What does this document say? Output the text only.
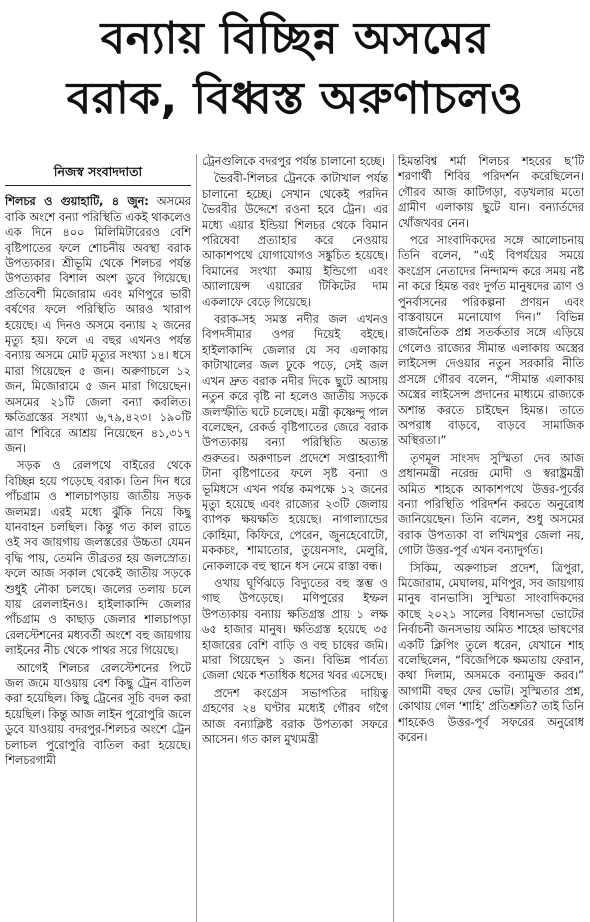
বন্যায় বিচ্ছিন্ন অসমের
বরাক, বিধ্বস্ত অরুণাচলও
নিজস্ব সংবাদদাতা

শিলচর ও গুয়াহাটি, ৪ জুন: অসমের বাকি অংশে বন্যা পরিস্থিতি একই থাকলেও এক দিনে ৪০০ মিলিমিটারেরও বেশি বৃষ্টিপাতের ফলে শোচনীয় অবস্থা বরাক উপত্যকার। শ্রীভূমি থেকে শিলচর পর্যন্ত উপত্যকার বিশাল অংশ ডুবে গিয়েছে। প্রতিবেশী মিজোরাম এবং মণিপুরে ভারী বর্ষণের ফলে পরিস্থিতি আরও খারাপ হয়েছে। এ দিনও অসমে বন্যায় ২ জনের মৃত্যু হয়। ফলে এ বছর এখনও পর্যন্ত বন্যায় অসমে মোট মৃত্যুর সংখ্যা ১৪। ধসে মারা গিয়েছেন ৫ জন। অরুণাচলে ১২ জন, মিজোরামে ৫ জন মারা গিয়েছেন। অসমের ২১টি জেলা বন্যা কবলিত। ক্ষতিগ্রস্তের সংখ্যা ৬,৭৯,৪২৩। ১৯০টি ত্রাণ শিবিরে আশ্রয় নিয়েছেন ৪১,৩১৭ জন।

সড়ক ও রেলপথে বাইরের থেকে বিচ্ছিন্ন হয়ে পড়েছে বরাক। তিন দিন ধরে পাঁচগ্রাম ও শালচাপড়ায় জাতীয় সড়ক জলমগ্ন। এরই মধ্যে ঝুঁকি নিয়ে কিছু যানবাহন চলছিল। কিন্তু গত কাল রাতে ওই সব জায়গায় জলস্তরের উচ্চতা যেমন বৃদ্ধি পায়, তেমনি তীব্রতর হয় জলস্রোত। ফলে আজ সকাল থেকেই জাতীয় সড়কে শুধুই নৌকা চলছে। জলের তলায় চলে যায় রেললাইনও। হাইলাকান্দি জেলার পাঁচগ্রাম ও কাছাড় জেলার শালচাপড়া রেলস্টেশনের মধ্যবর্তী অংশে বহু জায়গায় লাইনের নীচ থেকে পাথর সরে গিয়েছে।

আগেই শিলচর রেলস্টেশনের পিটে জল জমে যাওয়ায় বেশ কিছু ট্রেন বাতিল করা হয়েছিল। কিছু ট্রেনের সূচি বদল করা হয়েছিল। কিন্তু আজ লাইন পুরোপুরি জলে ডুবে যাওয়ায় বদরপুর-শিলচর অংশে ট্রেন চলাচল পুরোপুরি বাতিল করা হয়েছে। শিলচরগামী

ট্রেনগুলিকে বদরপুর পর্যন্ত চালানো হচ্ছে।

ভৈরবী-শিলচর ট্রেনকে কাটাখাল পর্যন্ত চালানো হচ্ছে। সেখান থেকেই পরদিন ভৈরবীর উদ্দেশে রওনা হবে ট্রেন। এর মধ্যে এয়ার ইন্ডিয়া শিলচর থেকে বিমান পরিষেবা প্রত্যাহার করে নেওয়ায় আকাশপথে যোগাযোগও সঙ্কুচিত হয়েছে। বিমানের সংখ্যা কমায় ইন্ডিগো এবং অ্যালায়েন্স এয়ারের টিকিটের দাম একলাফে বেড়ে গিয়েছে।

বরাক-সহ সমস্ত নদীর জল এখনও বিপদসীমার ওপর দিয়েই বইছে। হাইলাকান্দি জেলার যে সব এলাকায় কাটাখালের জল ঢুকে পড়ে, সেই জল এখন দ্রুত বরাক নদীর দিকে ছুটে আসায় নতুন করে বৃষ্টি না হলেও জাতীয় সড়কে জলস্ফীতি ঘটে চলেছে। মন্ত্রী কৃষ্ণেন্দু পাল বলেছেন, রেকর্ড বৃষ্টিপাতের জেরে বরাক উপত্যকায় বন্যা পরিস্থিতি অত্যন্ত গুরুতর। অরুণাচল প্রদেশে সপ্তাহব্যাপী টানা বৃষ্টিপাতের ফলে সৃষ্ট বন্যা ও ভূমিধসে এখন পর্যন্ত কমপক্ষে ১২ জনের মৃত্যু হয়েছে এবং রাজ্যের ২৩টি জেলায় ব্যাপক ক্ষয়ক্ষতি হয়েছে। নাগাল্যান্ডের কোহিমা, কিফিরে, পেরেন, জুনহেবোটো, মককচং, শামাতোর, তুয়েনসাং, মেলুরি, নোকলাকে বহু স্থানে ধস নেমে রাস্তা বন্ধ।

ওখায় ঘূর্ণিঝড়ে বিদ্যুতের বহু স্তম্ভ ও গাছ উপড়েছে। মণিপুরের ইম্ফল উপত্যকায় বন্যায় ক্ষতিগ্রস্ত প্রায় ১ লক্ষ ৬৫ হাজার মানুষ। ক্ষতিগ্রস্ত হয়েছে ৩৫ হাজারের বেশি বাড়ি ও বহু চাষের জমি। মারা গিয়েছেন ১ জন। বিভিন্ন পার্বত্য জেলা থেকে শতাধিক ধসের খবর এসেছে।

প্রদেশ কংগ্রেস সভাপতির দায়িত্ব গ্রহণের ২৪ ঘণ্টার মধ্যেই গৌরব গগৈ আজ বন্যাক্লিষ্ট বরাক উপত্যকা সফরে আসেন। গত কাল মুখ্যমন্ত্রী

হিমন্তবিশ্ব শর্মা শিলচর শহরের ছ’টি শরণার্থী শিবির পরিদর্শন করেছিলেন। গৌরব আজ কাটিগড়া, বড়খলার মতো গ্রামীণ এলাকায় ছুটে যান। বন্যার্তদের খোঁজখবর নেন।

পরে সাংবাদিকদের সঙ্গে আলোচনায় তিনি বলেন, “এই বিপর্যয়ের সময়ে কংগ্রেস নেতাদের নিন্দামন্দ করে সময় নষ্ট না করে হিমন্ত বরং দুর্গত মানুষদের ত্রাণ ও পুনর্বাসনের পরিকল্পনা প্রণয়ন এবং বাস্তবায়নে মনোযোগ দিন।” বিভিন্ন রাজনৈতিক প্রশ্ন সতর্কতার সঙ্গে এড়িয়ে গেলেও রাজ্যের সীমান্ত এলাকায় অস্ত্রের লাইসেন্স দেওয়ার নতুন সরকারি নীতি প্রসঙ্গে গৌরব বলেন, “সীমান্ত এলাকায় অস্ত্রের লাইসেন্স প্রদানের মাধ্যমে রাজ্যকে অশান্ত করতে চাইছেন হিমন্ত। তাতে অপরাধ বাড়বে, বাড়বে সামাজিক অস্থিরতা।”

তৃণমূল সাংসদ সুস্মিতা দেব আজ প্রধানমন্ত্রী নরেন্দ্র মোদী ও স্বরাষ্ট্রমন্ত্রী অমিত শাহকে আকাশপথে উত্তর-পূর্বের বন্যা পরিস্থিতি পরিদর্শন করতে অনুরোধ জানিয়েছেন। তিনি বলেন, শুধু অসমের বরাক উপত্যকা বা লখিমপুর জেলা নয়, গোটা উত্তর-পূর্ব এখন বন্যাদুর্গত।

সিকিম, অরুণাচল প্রদেশ, ত্রিপুরা, মিজোরাম, মেঘালয়, মণিপুর, সব জায়গায় মানুষ বানভাসি। সুস্মিতা সাংবাদিকদের কাছে ২০২১ সালের বিধানসভা ভোটের নির্বাচনী জনসভায় অমিত শাহের ভাষণের একটি ক্লিপিং তুলে ধরেন, যেখানে শাহ বলেছিলেন, “বিজেপিকে ক্ষমতায় ফেরান, কথা দিলাম, অসমকে বন্যামুক্ত করব।” আগামী বছর ফের ভোট। সুস্মিতার প্রশ্ন, কোথায় গেল ‘শাহি’ প্রতিশ্রুতি? তাই তিনি শাহকেও উত্তর-পূর্ব সফরের অনুরোধ করেন।
